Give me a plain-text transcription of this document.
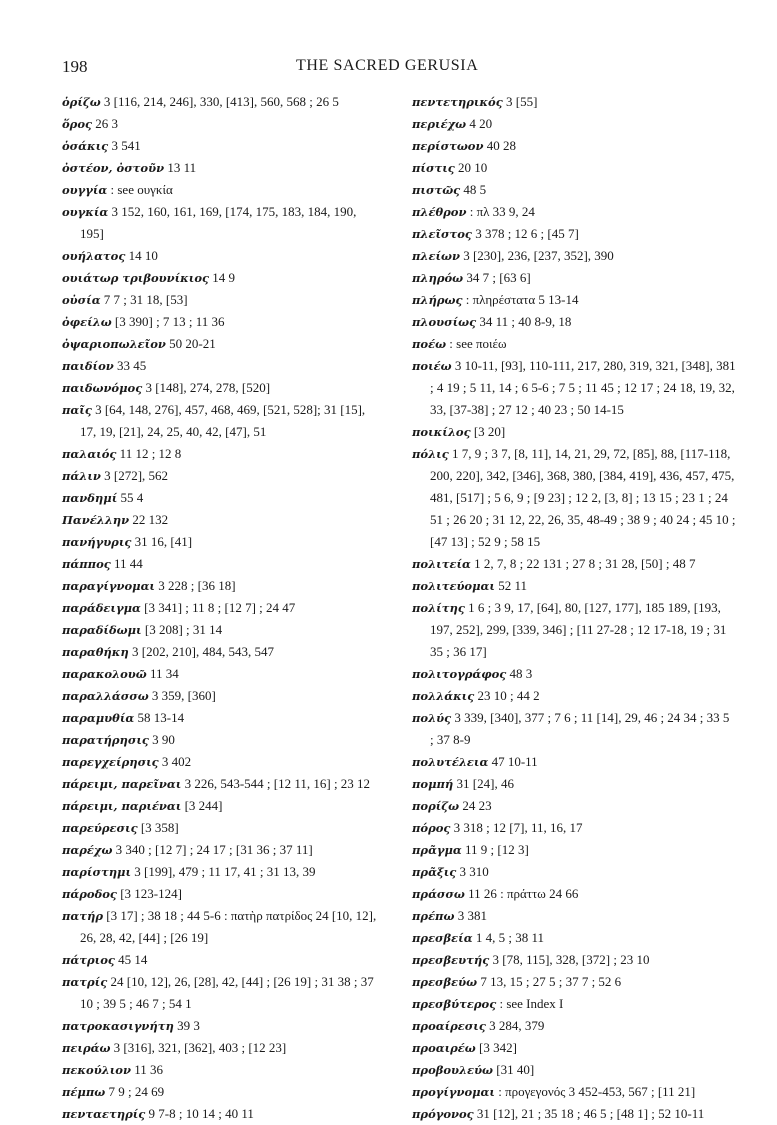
198	THE SACRED GERUSIA
ὁρίζω 3 [116, 214, 246], 330, [413], 560, 568 ; 26 5
ὅρος 26 3
ὁσάκις 3 541
ὀστέον, ὀστοῦν 13 11
ουγγία : see ουγκία
ουγκία 3 152, 160, 161, 169, [174, 175, 183, 184, 190, 195]
ουήλατος 14 10
ουιάτωρ τριβουνίκιος 14 9
οὐσία 7 7 ; 31 18, [53]
ὀφείλω [3 390] ; 7 13 ; 11 36
ὀψαριοπωλεῖον 50 20-21
παιδίον 33 45
παιδωνόμος 3 [148], 274, 278, [520]
παῖς 3 [64, 148, 276], 457, 468, 469, [521, 528]; 31 [15], 17, 19, [21], 24, 25, 40, 42, [47], 51
παλαιός 11 12 ; 12 8
πάλιν 3 [272], 562
πανδημί 55 4
Πανέλλην 22 132
πανήγυρις 31 16, [41]
πάππος 11 44
παραγίγνομαι 3 228 ; [36 18]
παράδειγμα [3 341] ; 11 8 ; [12 7] ; 24 47
παραδίδωμι [3 208] ; 31 14
παραθήκη 3 [202, 210], 484, 543, 547
παρακολουῶ 11 34
παραλλάσσω 3 359, [360]
παραμυθία 58 13-14
παρατήρησις 3 90
παρεγχείρησις 3 402
πάρειμι, παρεῖναι 3 226, 543-544 ; [12 11, 16] ; 23 12
πάρειμι, παριέναι [3 244]
παρεύρεσις [3 358]
παρέχω 3 340 ; [12 7] ; 24 17 ; [31 36 ; 37 11]
παρίστημι 3 [199], 479 ; 11 17, 41 ; 31 13, 39
πάροδος [3 123-124]
πατήρ [3 17] ; 38 18 ; 44 5-6 : πατὴρ πατρίδος 24 [10, 12], 26, 28, 42, [44] ; [26 19]
πάτριος 45 14
πατρίς 24 [10, 12], 26, [28], 42, [44] ; [26 19] ; 31 38 ; 37 10 ; 39 5 ; 46 7 ; 54 1
πατροκασιγνήτη 39 3
πειράω 3 [316], 321, [362], 403 ; [12 23]
πεκούλιον 11 36
πέμπω 7 9 ; 24 69
πενταετηρίς 9 7-8 ; 10 14 ; 40 11
πεντετηρικός 3 [55]
περιέχω 4 20
περίστωον 40 28
πίστις 20 10
πιστῶς 48 5
πλέθρον : πλ 33 9, 24
πλεῖστος 3 378 ; 12 6 ; [45 7]
πλείων 3 [230], 236, [237, 352], 390
πληρόω 34 7 ; [63 6]
πλήρως : πληρέστατα 5 13-14
πλουσίως 34 11 ; 40 8-9, 18
ποέω : see ποιέω
ποιέω 3 10-11, [93], 110-111, 217, 280, 319, 321, [348], 381 ; 4 19 ; 5 11, 14 ; 6 5-6 ; 7 5 ; 11 45 ; 12 17 ; 24 18, 19, 32, 33, [37-38] ; 27 12 ; 40 23 ; 50 14-15
ποικίλος [3 20]
πόλις 1 7, 9 ; 3 7, [8, 11], 14, 21, 29, 72, [85], 88, [117-118, 200, 220], 342, [346], 368, 380, [384, 419], 436, 457, 475, 481, [517] ; 5 6, 9 ; [9 23] ; 12 2, [3, 8] ; 13 15 ; 23 1 ; 24 51 ; 26 20 ; 31 12, 22, 26, 35, 48-49 ; 38 9 ; 40 24 ; 45 10 ; [47 13] ; 52 9 ; 58 15
πολιτεία 1 2, 7, 8 ; 22 131 ; 27 8 ; 31 28, [50] ; 48 7
πολιτεύομαι 52 11
πολίτης 1 6 ; 3 9, 17, [64], 80, [127, 177], 185 189, [193, 197, 252], 299, [339, 346] ; [11 27-28 ; 12 17-18, 19 ; 31 35 ; 36 17]
πολιτογράφος 48 3
πολλάκις 23 10 ; 44 2
πολύς 3 339, [340], 377 ; 7 6 ; 11 [14], 29, 46 ; 24 34 ; 33 5 ; 37 8-9
πολυτέλεια 47 10-11
πομπή 31 [24], 46
πορίζω 24 23
πόρος 3 318 ; 12 [7], 11, 16, 17
πρᾶγμα 11 9 ; [12 3]
πρᾶξις 3 310
πράσσω 11 26 : πράττω 24 66
πρέπω 3 381
πρεσβεία 1 4, 5 ; 38 11
πρεσβευτής 3 [78, 115], 328, [372] ; 23 10
πρεσβεύω 7 13, 15 ; 27 5 ; 37 7 ; 52 6
πρεσβύτερος : see Index I
προαίρεσις 3 284, 379
προαιρέω [3 342]
προβουλεύω [31 40]
προγίγνομαι : προγεγονός 3 452-453, 567 ; [11 21]
πρόγονος 31 [12], 21 ; 35 18 ; 46 5 ; [48 1] ; 52 10-11
